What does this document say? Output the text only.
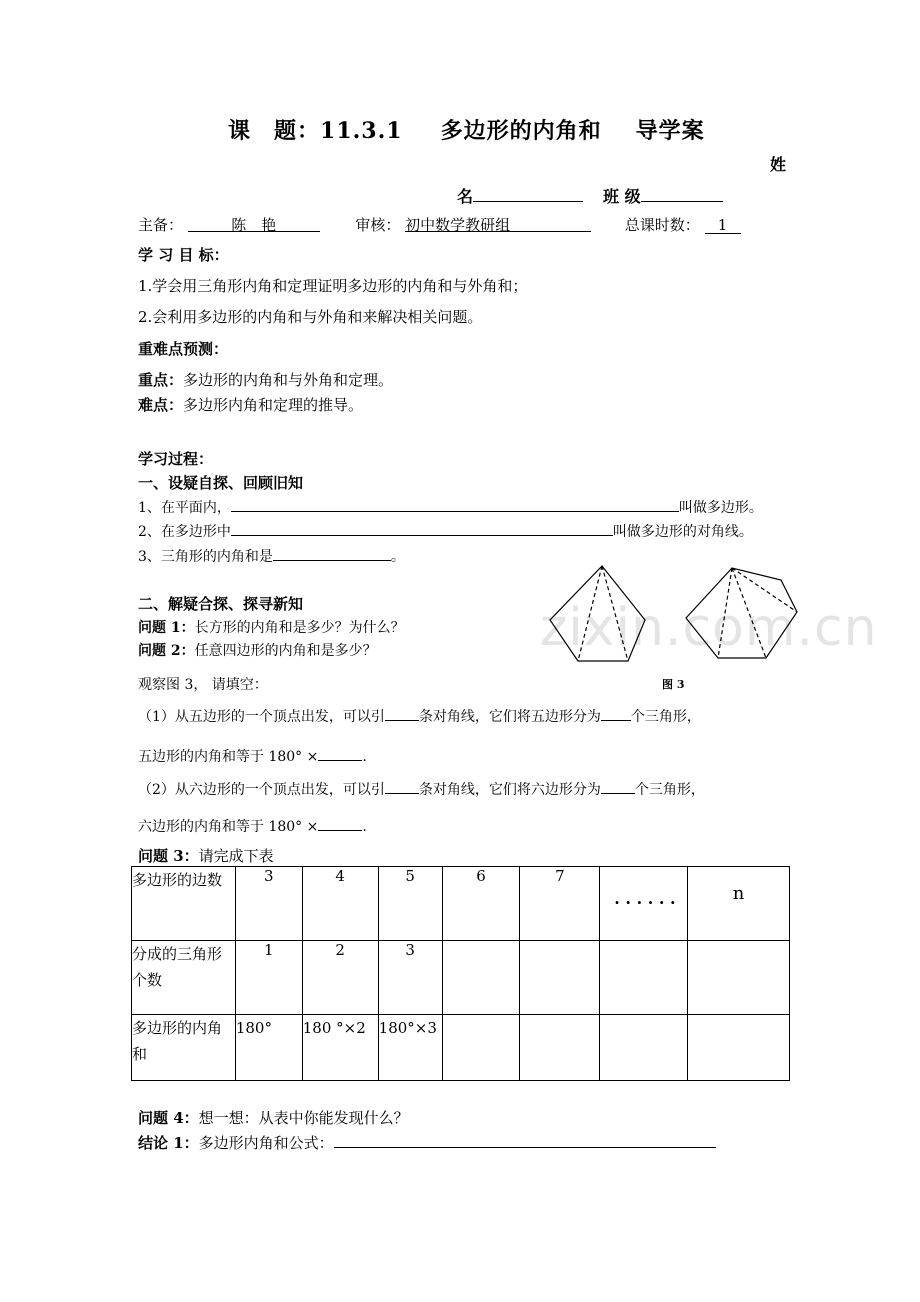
zixin.com.cn
课　题：11.3.1 多边形的内角和 导学案
姓
名	班 级
主备：	陈　艳	审核： 初中数学教研组	总课时数： 1
学 习 目 标：
1.学会用三角形内角和定理证明多边形的内角和与外角和；
2.会利用多边形的内角和与外角和来解决相关问题。
重难点预测：
重点：多边形的内角和与外角和定理。
难点：多边形内角和定理的推导。
学习过程：
一、设疑自探、回顾旧知
1、在平面内，	叫做多边形。
2、在多边形中	叫做多边形的对角线。
3、三角形的内角和是	。
二、解疑合探、探寻新知
问题 1：长方形的内角和是多少？为什么？
问题 2：任意四边形的内角和是多少？
观察图 3， 请填空：	图 3
（1）从五边形的一个顶点出发，可以引 条对角线，它们将五边形分为 个三角形，
五边形的内角和等于 180° ×	.
（2）从六边形的一个顶点出发，可以引 条对角线，它们将六边形分为 个三角形，
六边形的内角和等于 180° ×	.
问题 3：请完成下表
多边形的边数	3	4	5	6	7	· · · · · ·	n
分成的三角形个数	1	2	3				
多边形的内角和	180°	180 °×2	180°×3				
问题 4：想一想：从表中你能发现什么？
结论 1：多边形内角和公式：
